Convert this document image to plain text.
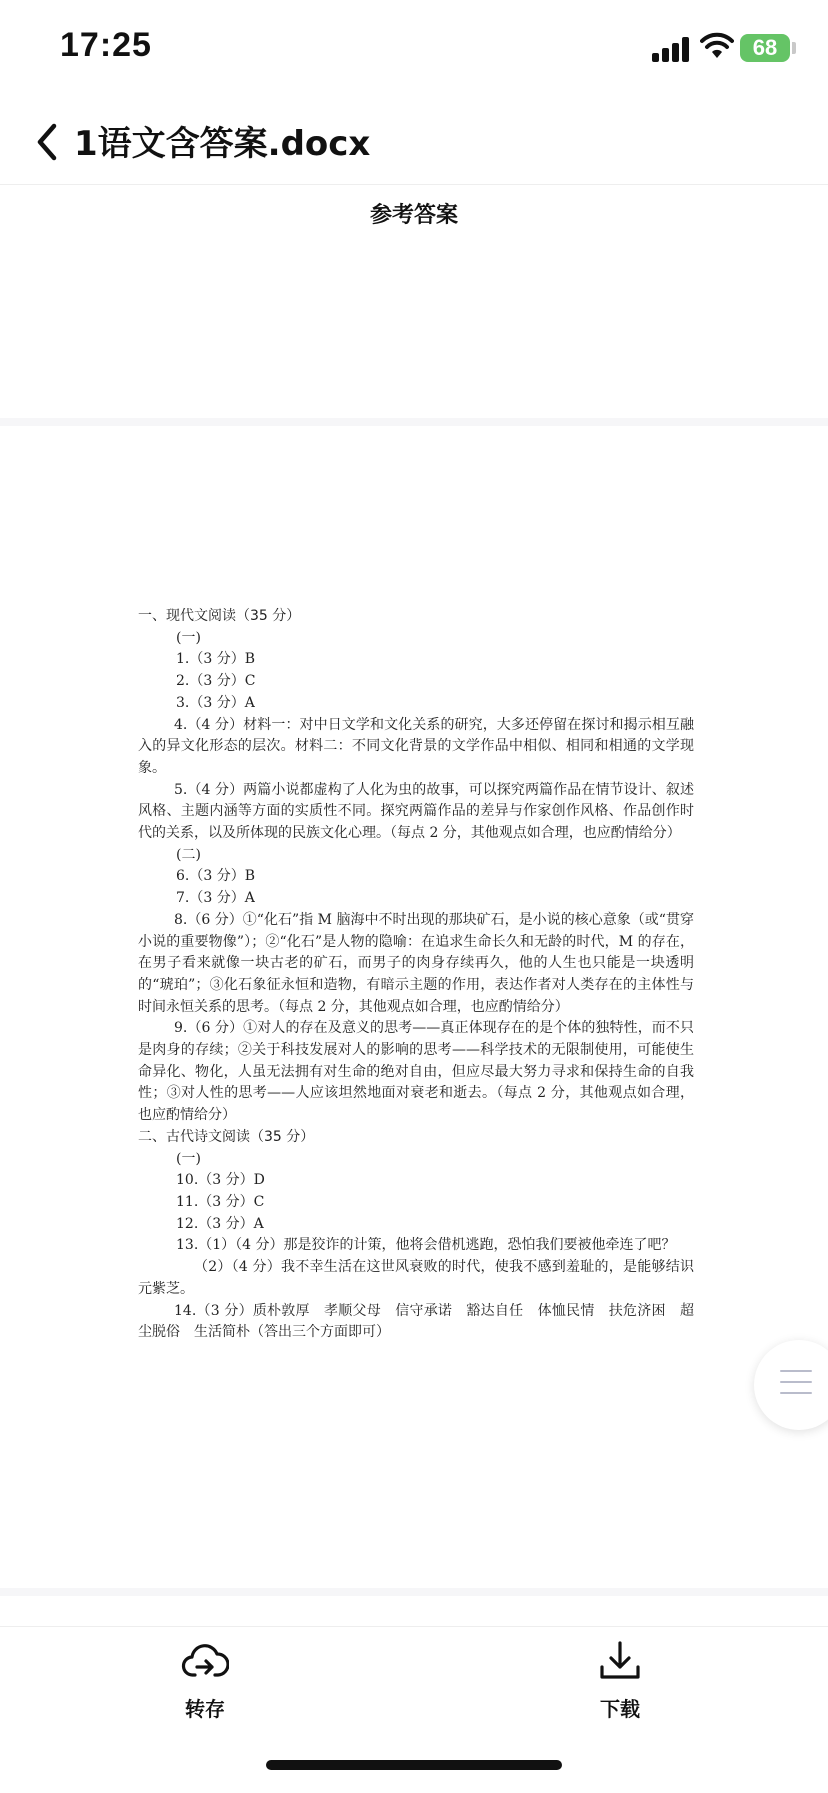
17:25	68
1语文含答案.docx
参考答案

一、现代文阅读（35 分）

(一)

1.（3 分）B

2.（3 分）C

3.（3 分）A

4.（4 分）材料一：对中日文学和文化关系的研究，大多还停留在探讨和揭示相互融入的异文化形态的层次。材料二：不同文化背景的文学作品中相似、相同和相通的文学现象。

5.（4 分）两篇小说都虚构了人化为虫的故事，可以探究两篇作品在情节设计、叙述风格、主题内涵等方面的实质性不同。探究两篇作品的差异与作家创作风格、作品创作时代的关系，以及所体现的民族文化心理。（每点 2 分，其他观点如合理，也应酌情给分）

(二)

6.（3 分）B

7.（3 分）A

8.（6 分）①“化石”指 M 脑海中不时出现的那块矿石，是小说的核心意象（或“贯穿小说的重要物像”）；②“化石”是人物的隐喻：在追求生命长久和无龄的时代，M 的存在，在男子看来就像一块古老的矿石，而男子的肉身存续再久，他的人生也只能是一块透明的“琥珀”；③化石象征永恒和造物，有暗示主题的作用，表达作者对人类存在的主体性与时间永恒关系的思考。（每点 2 分，其他观点如合理，也应酌情给分）

9.（6 分）①对人的存在及意义的思考——真正体现存在的是个体的独特性，而不只是肉身的存续；②关于科技发展对人的影响的思考——科学技术的无限制使用，可能使生命异化、物化，人虽无法拥有对生命的绝对自由，但应尽最大努力寻求和保持生命的自我性；③对人性的思考——人应该坦然地面对衰老和逝去。（每点 2 分，其他观点如合理，也应酌情给分）

二、古代诗文阅读（35 分）

(一)

10.（3 分）D

11.（3 分）C

12.（3 分）A

13.（1）（4 分）那是狡诈的计策，他将会借机逃跑，恐怕我们要被他牵连了吧？

（2）（4 分）我不幸生活在这世风衰败的时代，使我不感到羞耻的，是能够结识元紫芝。

14.（3 分）质朴敦厚　孝顺父母　信守承诺　豁达自任　体恤民情　扶危济困　超尘脱俗　生活简朴（答出三个方面即可）

转存	下载
